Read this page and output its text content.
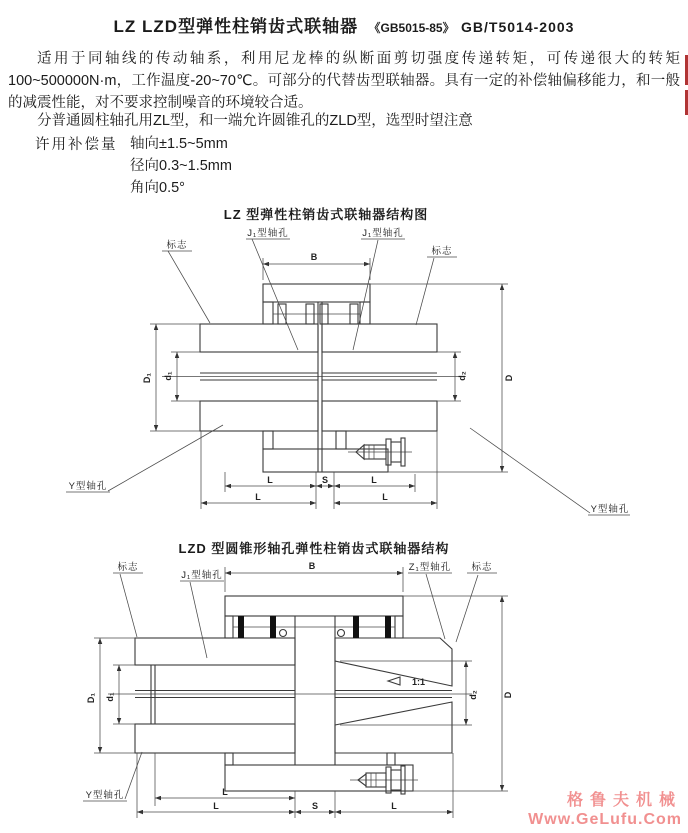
LZ LZD型弹性柱销齿式联轴器 《GB5015-85》 GB/T5014-2003

适用于同轴线的传动轴系，利用尼龙棒的纵断面剪切强度传递转矩，可传递很大的转矩100~500000N·m，工作温度-20~70℃。可部分的代替齿型联轴器。具有一定的补偿轴偏移能力，和一般的减震性能，对不要求控制噪音的环境较合适。

分普通圆柱轴孔用ZL型，和一端允许圆锥孔的ZLD型，选型时望注意

许用补偿量 轴向±1.5~5mm
径向0.3~1.5mm
角向0.5°
LZ 型弹性柱销齿式联轴器结构图
B
D₁ d₁	d₂	D
L	S	L
L	L
J₁型轴孔
标志
J₁型轴孔
标志
Y型轴孔
Y型轴孔
LZD 型圆锥形轴孔弹性柱销齿式联轴器结构
1:1
B
D₁ d₁	d₂	D
L
L	S	L
标志
J₁型轴孔
Z₁型轴孔 标志
Y型轴孔	格鲁夫机械
Www.GeLufu.Com
